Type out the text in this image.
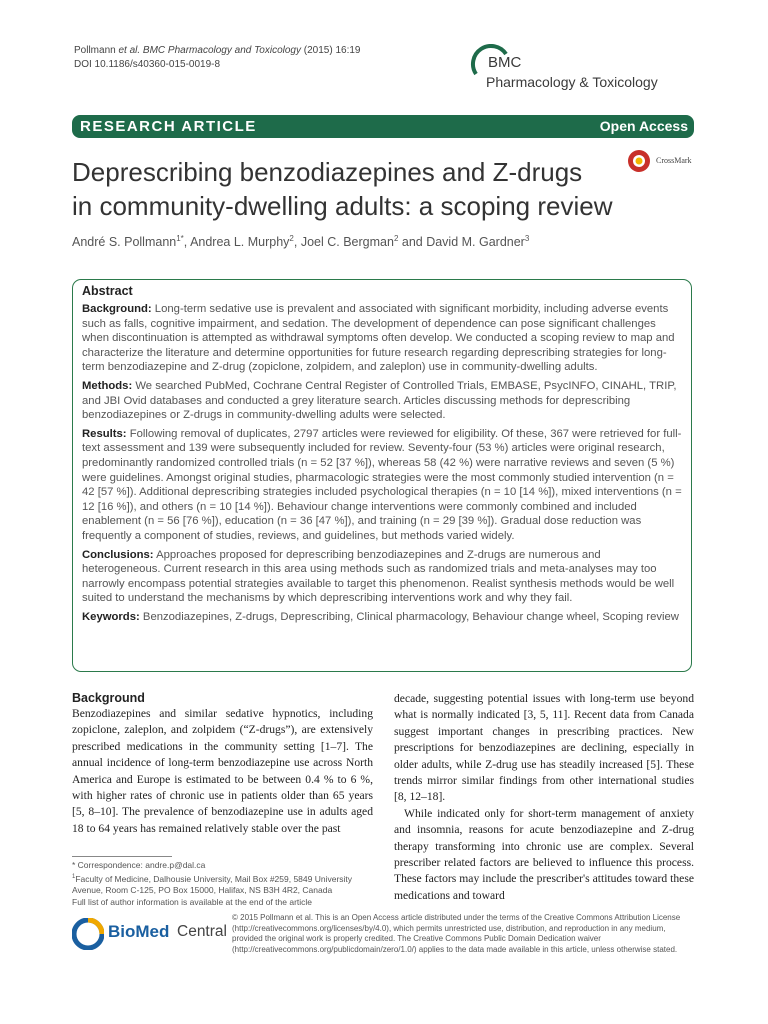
Pollmann et al. BMC Pharmacology and Toxicology (2015) 16:19
DOI 10.1186/s40360-015-0019-8	BMC
Pharmacology & Toxicology
RESEARCH ARTICLE	Open Access
Deprescribing benzodiazepines and Z-drugs
in community-dwelling adults: a scoping review
CrossMark
André S. Pollmann$^{1*}$, Andrea L. Murphy$^2$, Joel C. Bergman$^2$ and David M. Gardner$^3$
Abstract

Background: Long-term sedative use is prevalent and associated with significant morbidity, including adverse events such as falls, cognitive impairment, and sedation. The development of dependence can pose significant challenges when discontinuation is attempted as withdrawal symptoms often develop. We conducted a scoping review to map and characterize the literature and determine opportunities for future research regarding deprescribing strategies for long-term benzodiazepine and Z-drug (zopiclone, zolpidem, and zaleplon) use in community-dwelling adults.

Methods: We searched PubMed, Cochrane Central Register of Controlled Trials, EMBASE, PsycINFO, CINAHL, TRIP, and JBI Ovid databases and conducted a grey literature search. Articles discussing methods for deprescribing benzodiazepines or Z-drugs in community-dwelling adults were selected.

Results: Following removal of duplicates, 2797 articles were reviewed for eligibility. Of these, 367 were retrieved for full-text assessment and 139 were subsequently included for review. Seventy-four (53 %) articles were original research, predominantly randomized controlled trials (n = 52 [37 %]), whereas 58 (42 %) were narrative reviews and seven (5 %) were guidelines. Amongst original studies, pharmacologic strategies were the most commonly studied intervention (n = 42 [57 %]). Additional deprescribing strategies included psychological therapies (n = 10 [14 %]), mixed interventions (n = 12 [16 %]), and others (n = 10 [14 %]). Behaviour change interventions were commonly combined and included enablement (n = 56 [76 %]), education (n = 36 [47 %]), and training (n = 29 [39 %]). Gradual dose reduction was frequently a component of studies, reviews, and guidelines, but methods varied widely.

Conclusions: Approaches proposed for deprescribing benzodiazepines and Z-drugs are numerous and heterogeneous. Current research in this area using methods such as randomized trials and meta-analyses may too narrowly encompass potential strategies available to target this phenomenon. Realist synthesis methods would be well suited to understand the mechanisms by which deprescribing interventions work and why they fail.

Keywords: Benzodiazepines, Z-drugs, Deprescribing, Clinical pharmacology, Behaviour change wheel, Scoping review

Background

Benzodiazepines and similar sedative hypnotics, including zopiclone, zaleplon, and zolpidem (“Z-drugs”), are extensively prescribed medications in the community setting [1–7]. The annual incidence of long-term benzodiazepine use across North America and Europe is estimated to be between 0.4 % to 6 %, with higher rates of chronic use in patients older than 65 years [5, 8–10]. The prevalence of benzodiazepine use in adults aged 18 to 64 years has remained relatively stable over the past

decade, suggesting potential issues with long-term use beyond what is normally indicated [3, 5, 11]. Recent data from Canada suggest important changes in prescribing practices. New prescriptions for benzodiazepines are declining, especially in older adults, while Z-drug use has steadily increased [5]. These trends mirror similar findings from other international studies [8, 12–18].

While indicated only for short-term management of anxiety and insomnia, reasons for acute benzodiazepine and Z-drug therapy transforming into chronic use are complex. Several prescriber related factors are believed to influence this process. These factors may include the prescriber's attitudes toward these medications and toward

* Correspondence: andre.p@dal.ca
$^1$Faculty of Medicine, Dalhousie University, Mail Box #259, 5849 University Avenue, Room C-125, PO Box 15000, Halifax, NS B3H 4R2, Canada
Full list of author information is available at the end of the article
BioMed Central
© 2015 Pollmann et al. This is an Open Access article distributed under the terms of the Creative Commons Attribution License (http://creativecommons.org/licenses/by/4.0), which permits unrestricted use, distribution, and reproduction in any medium, provided the original work is properly credited. The Creative Commons Public Domain Dedication waiver (http://creativecommons.org/publicdomain/zero/1.0/) applies to the data made available in this article, unless otherwise stated.
